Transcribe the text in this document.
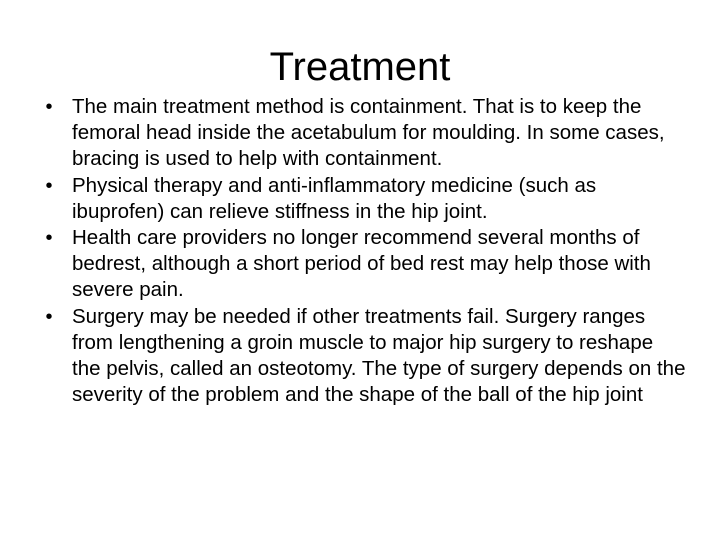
Treatment
• The main treatment method is containment. That is to keep the femoral head inside the acetabulum for moulding. In some cases, bracing is used to help with containment.
• Physical therapy and anti-inflammatory medicine (such as ibuprofen) can relieve stiffness in the hip joint.
• Health care providers no longer recommend several months of bedrest, although a short period of bed rest may help those with severe pain.
• Surgery may be needed if other treatments fail. Surgery ranges from lengthening a groin muscle to major hip surgery to reshape the pelvis, called an osteotomy. The type of surgery depends on the severity of the problem and the shape of the ball of the hip joint
